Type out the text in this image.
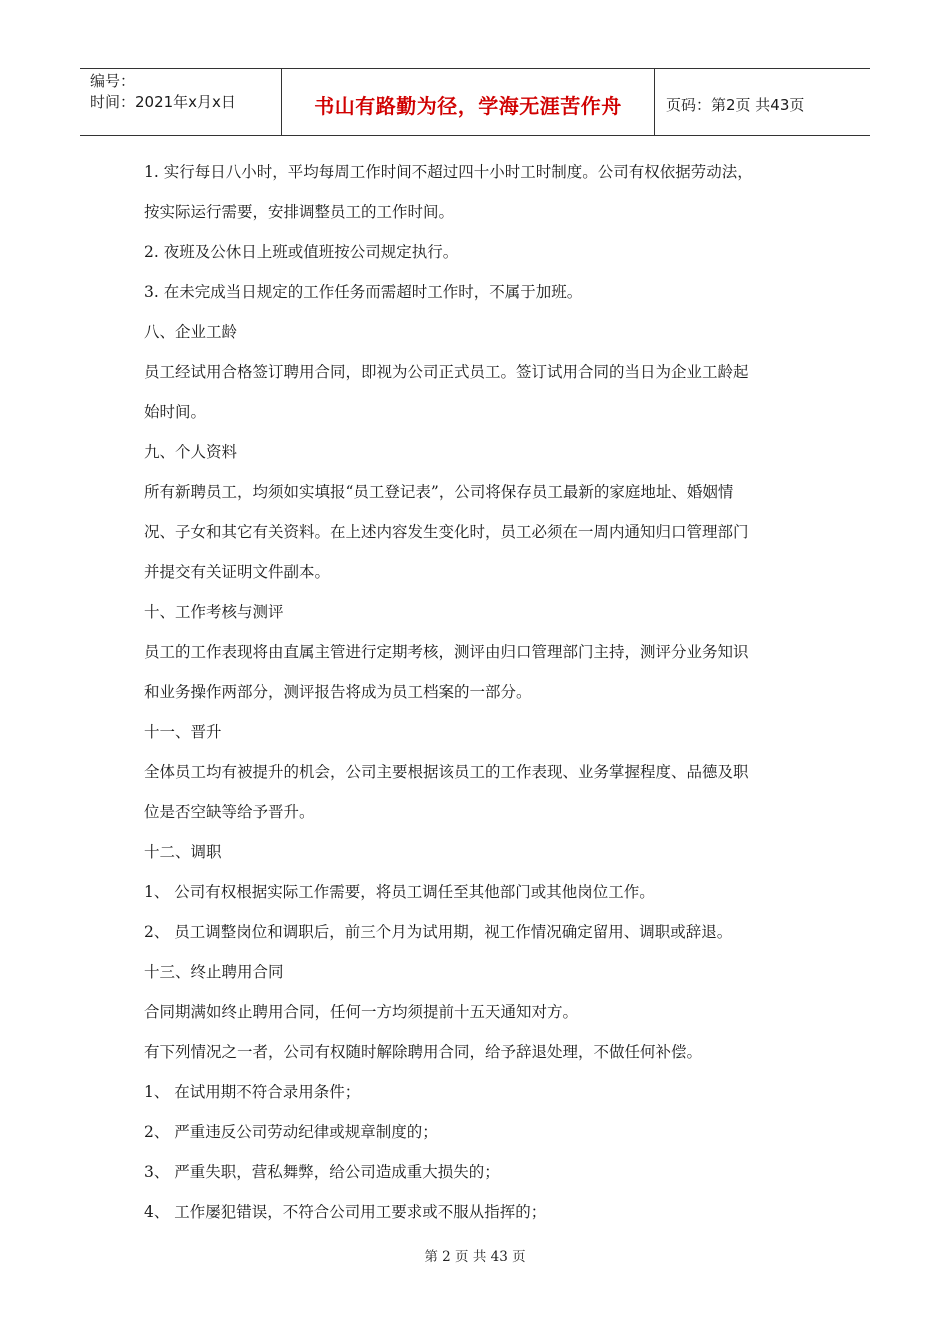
编号：
时间：2021年x月x日	书山有路勤为径，学海无涯苦作舟	页码：第2页 共43页

1. 实行每日八小时，平均每周工作时间不超过四十小时工时制度。公司有权依据劳动法，

按实际运行需要，安排调整员工的工作时间。

2. 夜班及公休日上班或值班按公司规定执行。

3. 在未完成当日规定的工作任务而需超时工作时，不属于加班。

八、企业工龄

员工经试用合格签订聘用合同，即视为公司正式员工。签订试用合同的当日为企业工龄起

始时间。

九、个人资料

所有新聘员工，均须如实填报“员工登记表”，公司将保存员工最新的家庭地址、婚姻情

况、子女和其它有关资料。在上述内容发生变化时，员工必须在一周内通知归口管理部门

并提交有关证明文件副本。

十、工作考核与测评

员工的工作表现将由直属主管进行定期考核，测评由归口管理部门主持，测评分业务知识

和业务操作两部分，测评报告将成为员工档案的一部分。

十一、晋升

全体员工均有被提升的机会，公司主要根据该员工的工作表现、业务掌握程度、品德及职

位是否空缺等给予晋升。

十二、调职

1、 公司有权根据实际工作需要，将员工调任至其他部门或其他岗位工作。

2、 员工调整岗位和调职后，前三个月为试用期，视工作情况确定留用、调职或辞退。

十三、终止聘用合同

合同期满如终止聘用合同，任何一方均须提前十五天通知对方。

有下列情况之一者，公司有权随时解除聘用合同，给予辞退处理，不做任何补偿。

1、 在试用期不符合录用条件；

2、 严重违反公司劳动纪律或规章制度的；

3、 严重失职，营私舞弊，给公司造成重大损失的；

4、 工作屡犯错误，不符合公司用工要求或不服从指挥的；

第 2 页 共 43 页
